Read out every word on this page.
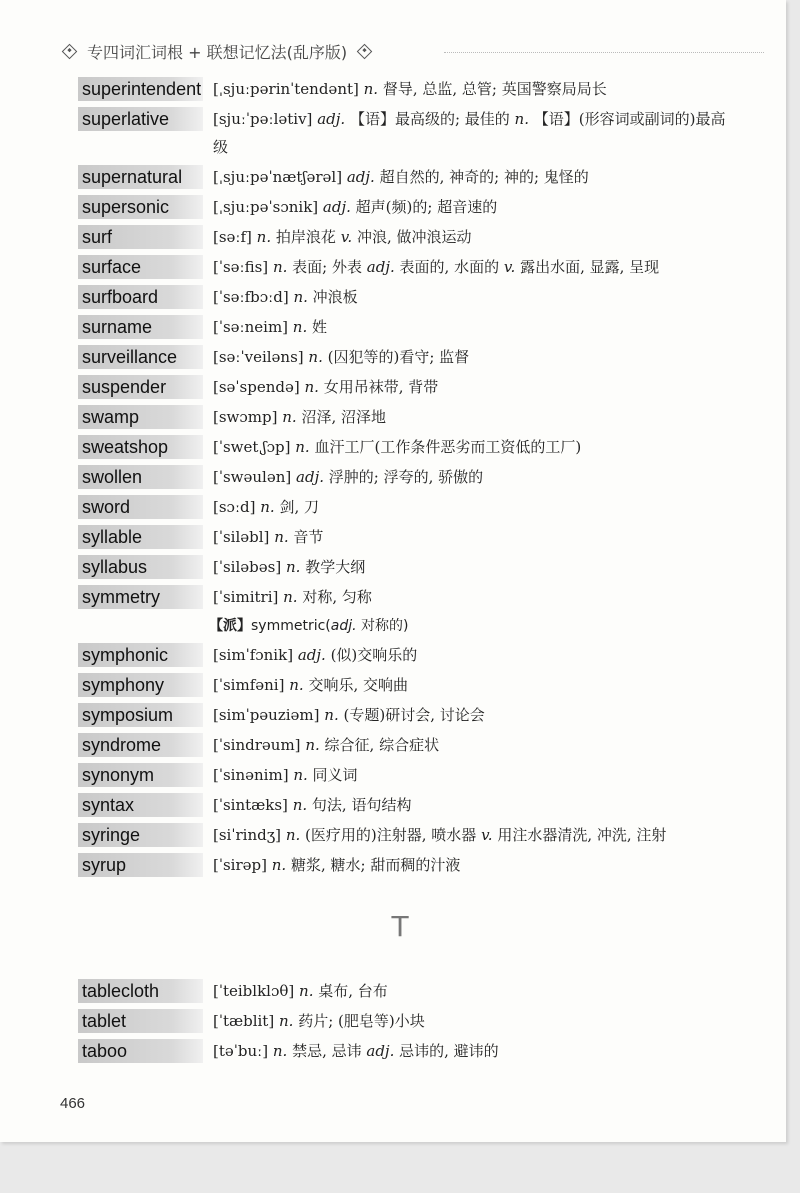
专四词汇词根 + 联想记忆法(乱序版)
superintendent [ˌsjuːpərinˈtendənt] n. 督导, 总监, 总管; 英国警察局局长
superlative	[sjuːˈpəːlətiv] adj. 【语】最高级的; 最佳的 n. 【语】(形容词或副词的)最高级
supernatural	[ˌsjuːpəˈnætʃərəl] adj. 超自然的, 神奇的; 神的; 鬼怪的
supersonic	[ˌsjuːpəˈsɔnik] adj. 超声(频)的; 超音速的
surf	[səːf] n. 拍岸浪花 v. 冲浪, 做冲浪运动
surface	[ˈsəːfis] n. 表面; 外表 adj. 表面的, 水面的 v. 露出水面, 显露, 呈现
surfboard	[ˈsəːfbɔːd] n. 冲浪板
surname	[ˈsəːneim] n. 姓
surveillance	[səːˈveiləns] n. (囚犯等的)看守; 监督
suspender	[səˈspendə] n. 女用吊袜带, 背带
swamp	[swɔmp] n. 沼泽, 沼泽地
sweatshop	[ˈswetˌʃɔp] n. 血汗工厂(工作条件恶劣而工资低的工厂)
swollen	[ˈswəulən] adj. 浮肿的; 浮夸的, 骄傲的
sword	[sɔːd] n. 剑, 刀
syllable	[ˈsiləbl] n. 音节
syllabus	[ˈsiləbəs] n. 教学大纲
symmetry	[ˈsimitri] n. 对称, 匀称
【派】symmetric(adj. 对称的)
symphonic	[simˈfɔnik] adj. (似)交响乐的
symphony	[ˈsimfəni] n. 交响乐, 交响曲
symposium	[simˈpəuziəm] n. (专题)研讨会, 讨论会
syndrome	[ˈsindrəum] n. 综合征, 综合症状
synonym	[ˈsinənim] n. 同义词
syntax	[ˈsintæks] n. 句法, 语句结构
syringe	[siˈrindʒ] n. (医疗用的)注射器, 喷水器 v. 用注水器清洗, 冲洗, 注射
syrup	[ˈsirəp] n. 糖浆, 糖水; 甜而稠的汁液
T
tablecloth	[ˈteiblklɔθ] n. 桌布, 台布
tablet	[ˈtæblit] n. 药片; (肥皂等)小块
taboo	[təˈbuː] n. 禁忌, 忌讳 adj. 忌讳的, 避讳的
466
